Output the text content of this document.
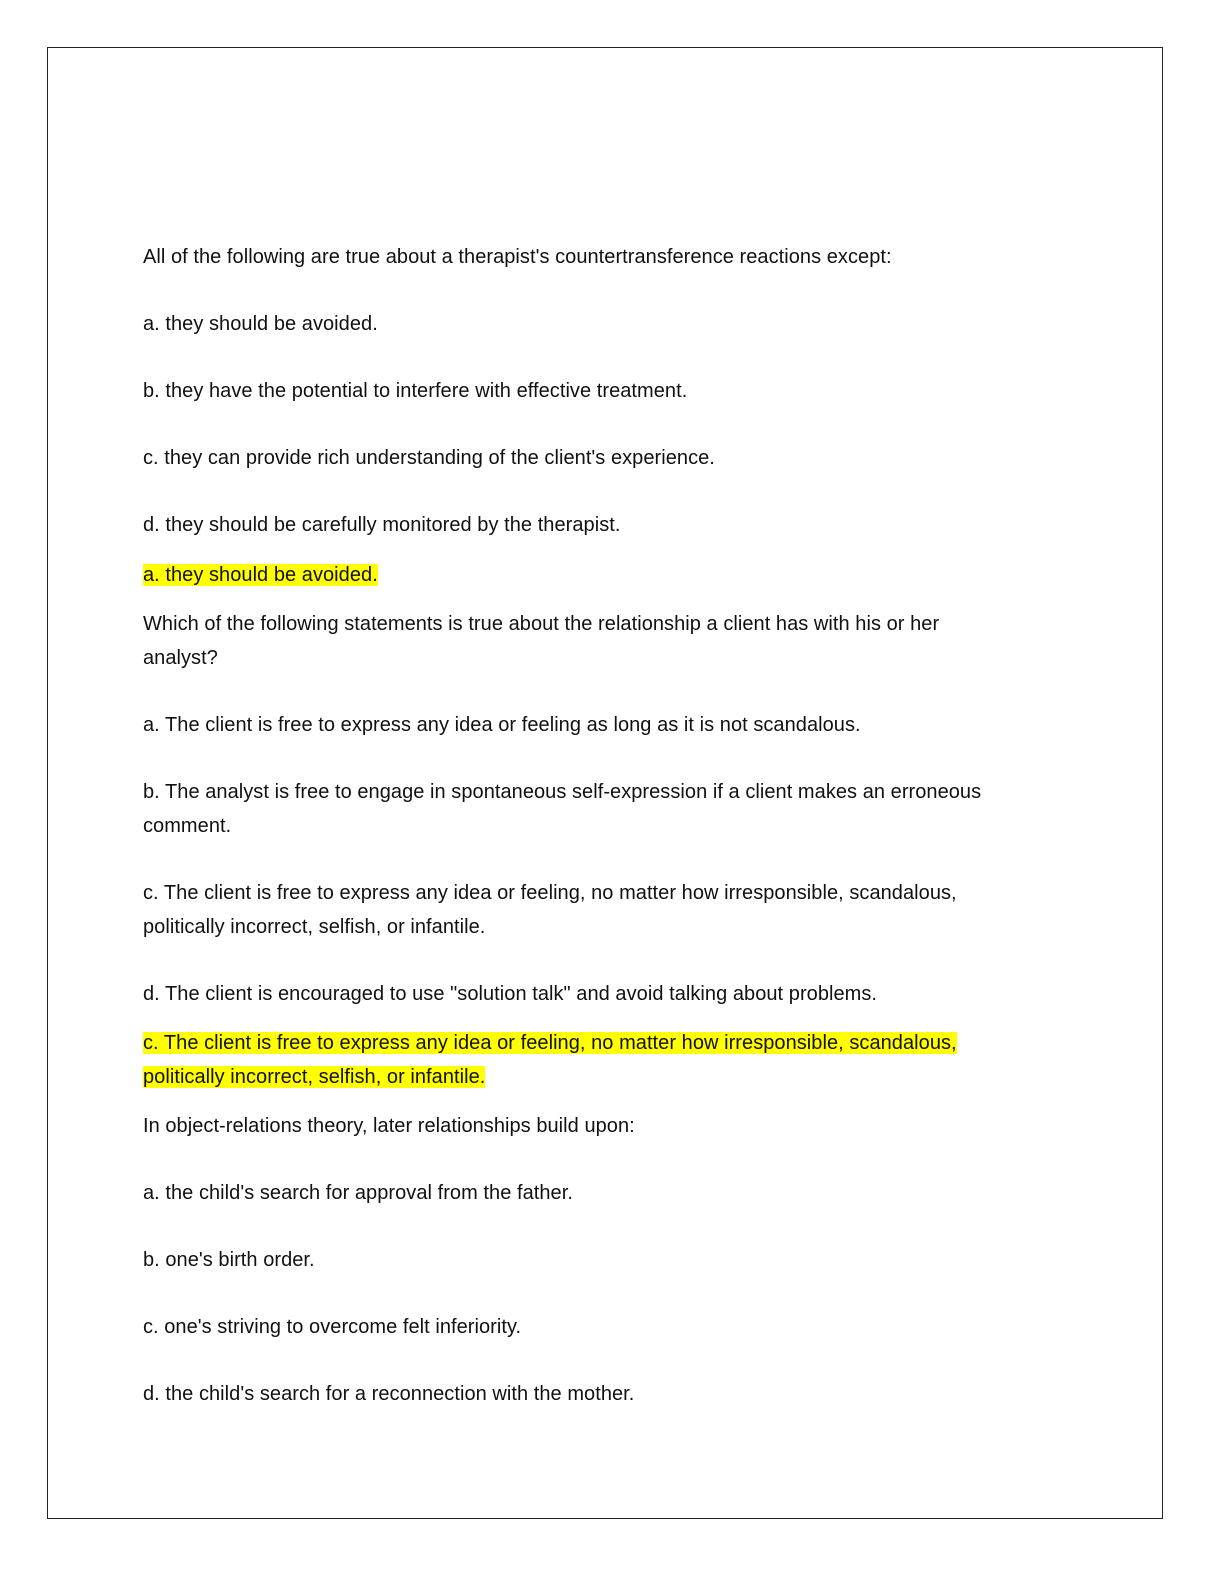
All of the following are true about a therapist's countertransference reactions except:
a. they should be avoided.
b. they have the potential to interfere with effective treatment.
c. they can provide rich understanding of the client's experience.
d. they should be carefully monitored by the therapist.
a. they should be avoided.
Which of the following statements is true about the relationship a client has with his or her
analyst?
a. The client is free to express any idea or feeling as long as it is not scandalous.
b. The analyst is free to engage in spontaneous self-expression if a client makes an erroneous
comment.
c. The client is free to express any idea or feeling, no matter how irresponsible, scandalous,
politically incorrect, selfish, or infantile.
d. The client is encouraged to use "solution talk" and avoid talking about problems.
c. The client is free to express any idea or feeling, no matter how irresponsible, scandalous,
politically incorrect, selfish, or infantile.
In object-relations theory, later relationships build upon:
a. the child's search for approval from the father.
b. one's birth order.
c. one's striving to overcome felt inferiority.
d. the child's search for a reconnection with the mother.
